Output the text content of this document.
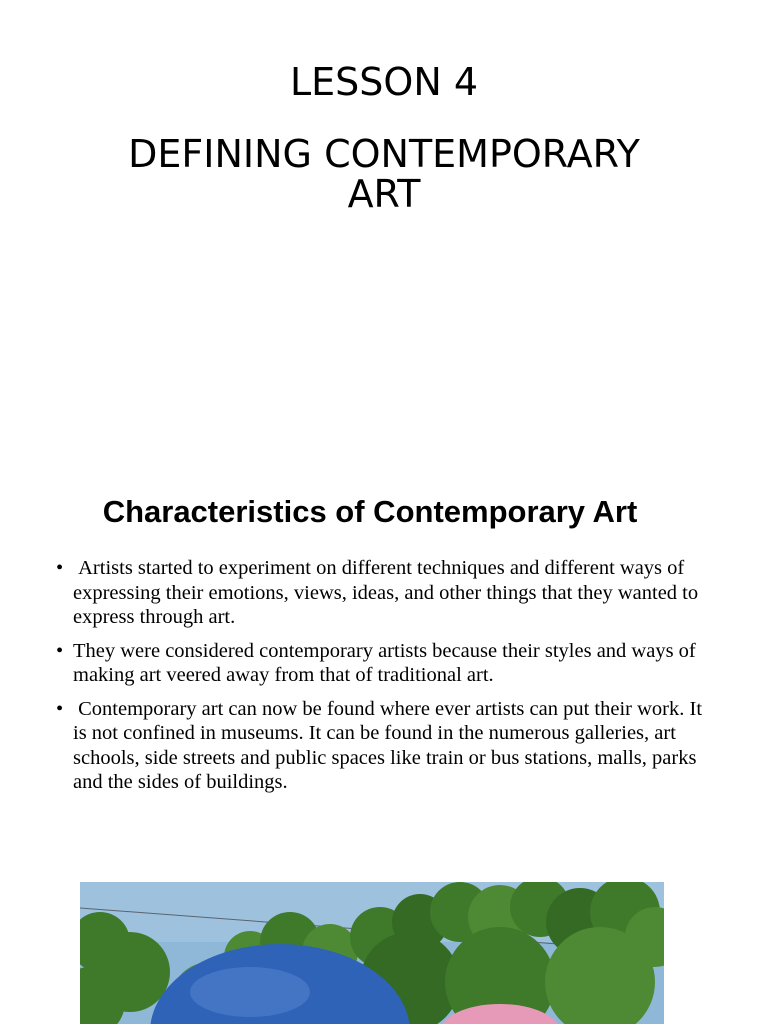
LESSON 4
DEFINING CONTEMPORARY ART
Characteristics of Contemporary Art
• Artists started to experiment on different techniques and different ways of expressing their emotions, views, ideas, and other things that they wanted to express through art.
• They were considered contemporary artists because their styles and ways of making art veered away from that of traditional art.
• Contemporary art can now be found where ever artists can put their work. It is not confined in museums. It can be found in the numerous galleries, art schools, side streets and public spaces like train or bus stations, malls, parks and the sides of buildings.
